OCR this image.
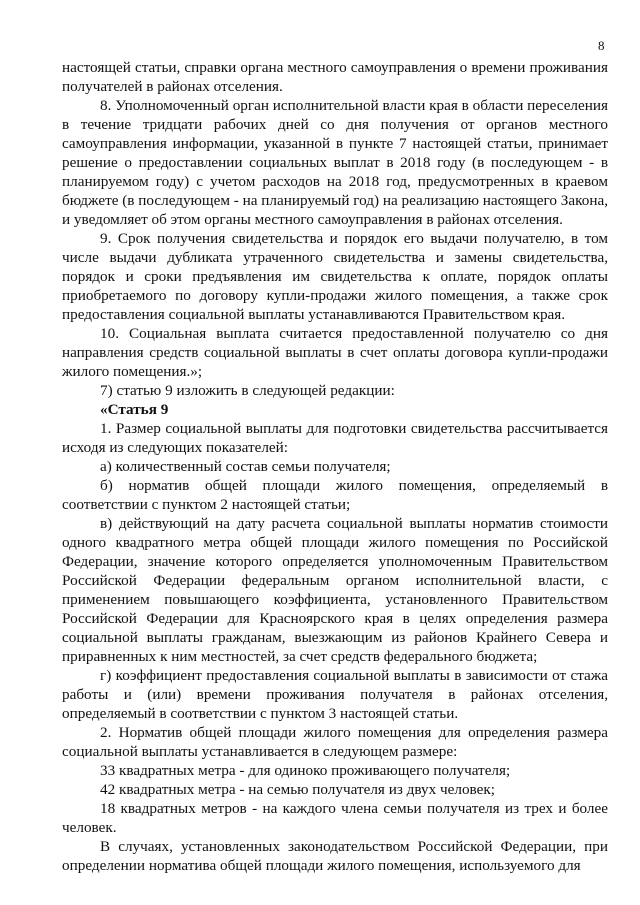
8

настоящей статьи, справки органа местного самоуправления о времени проживания получателей в районах отселения.

8. Уполномоченный орган исполнительной власти края в области переселения в течение тридцати рабочих дней со дня получения от органов местного самоуправления информации, указанной в пункте 7 настоящей статьи, принимает решение о предоставлении социальных выплат в 2018 году (в последующем - в планируемом году) с учетом расходов на 2018 год, предусмотренных в краевом бюджете (в последующем - на планируемый год) на реализацию настоящего Закона, и уведомляет об этом органы местного самоуправления в районах отселения.

9. Срок получения свидетельства и порядок его выдачи получателю, в том числе выдачи дубликата утраченного свидетельства и замены свидетельства, порядок и сроки предъявления им свидетельства к оплате, порядок оплаты приобретаемого по договору купли-продажи жилого помещения, а также срок предоставления социальной выплаты устанавливаются Правительством края.

10. Социальная выплата считается предоставленной получателю со дня направления средств социальной выплаты в счет оплаты договора купли-продажи жилого помещения.»;

7) статью 9 изложить в следующей редакции:

«Статья 9

1. Размер социальной выплаты для подготовки свидетельства рассчитывается исходя из следующих показателей:

а) количественный состав семьи получателя;

б) норматив общей площади жилого помещения, определяемый в соответствии с пунктом 2 настоящей статьи;

в) действующий на дату расчета социальной выплаты норматив стоимости одного квадратного метра общей площади жилого помещения по Российской Федерации, значение которого определяется уполномоченным Правительством Российской Федерации федеральным органом исполнительной власти, с применением повышающего коэффициента, установленного Правительством Российской Федерации для Красноярского края в целях определения размера социальной выплаты гражданам, выезжающим из районов Крайнего Севера и приравненных к ним местностей, за счет средств федерального бюджета;

г) коэффициент предоставления социальной выплаты в зависимости от стажа работы и (или) времени проживания получателя в районах отселения, определяемый в соответствии с пунктом 3 настоящей статьи.

2. Норматив общей площади жилого помещения для определения размера социальной выплаты устанавливается в следующем размере:

33 квадратных метра - для одиноко проживающего получателя;

42 квадратных метра - на семью получателя из двух человек;

18 квадратных метров - на каждого члена семьи получателя из трех и более человек.

В случаях, установленных законодательством Российской Федерации, при определении норматива общей площади жилого помещения, используемого для
